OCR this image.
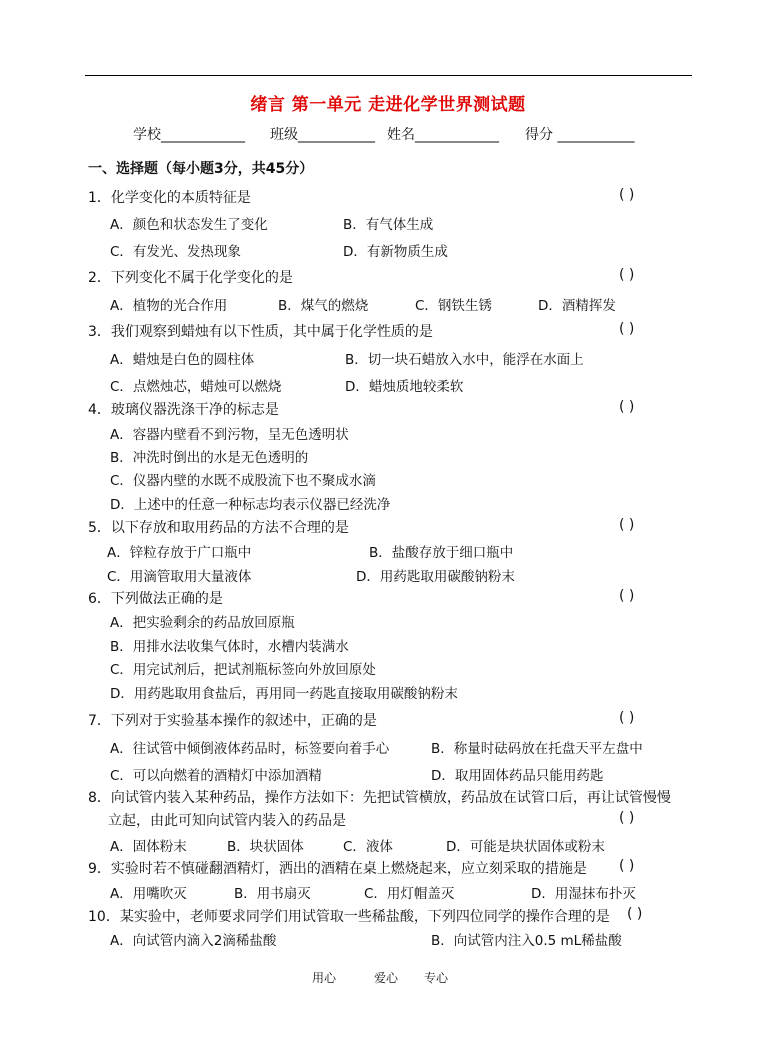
绪言 第一单元 走进化学世界测试题
学校____________ 班级___________ 姓名____________ 得分 ___________
一、选择题（每小题3分，共45分）
1．化学变化的本质特征是	( )
A．颜色和状态发生了变化	B．有气体生成
C．有发光、发热现象	D．有新物质生成
2．下列变化不属于化学变化的是	( )
A．植物的光合作用	B．煤气的燃烧	C．钢铁生锈	D．酒精挥发
3．我们观察到蜡烛有以下性质，其中属于化学性质的是	( )
A．蜡烛是白色的圆柱体	B．切一块石蜡放入水中，能浮在水面上
C．点燃烛芯，蜡烛可以燃烧	D．蜡烛质地较柔软
4．玻璃仪器洗涤干净的标志是	( )
A．容器内壁看不到污物，呈无色透明状
B．冲洗时倒出的水是无色透明的
C．仪器内壁的水既不成股流下也不聚成水滴
D．上述中的任意一种标志均表示仪器已经洗净
5．以下存放和取用药品的方法不合理的是	( )
A．锌粒存放于广口瓶中	B．盐酸存放于细口瓶中
C．用滴管取用大量液体	D．用药匙取用碳酸钠粉末
6．下列做法正确的是	( )
A．把实验剩余的药品放回原瓶
B．用排水法收集气体时，水槽内装满水
C．用完试剂后，把试剂瓶标签向外放回原处
D．用药匙取用食盐后，再用同一药匙直接取用碳酸钠粉末
7．下列对于实验基本操作的叙述中，正确的是	( )
A．往试管中倾倒液体药品时，标签要向着手心	B．称量时砝码放在托盘天平左盘中
C．可以向燃着的酒精灯中添加酒精	D．取用固体药品只能用药匙
8．向试管内装入某种药品，操作方法如下：先把试管横放，药品放在试管口后，再让试管慢慢
立起，由此可知向试管内装入的药品是	( )
A．固体粉末	B．块状固体	C．液体	D．可能是块状固体或粉末
9．实验时若不慎碰翻酒精灯，洒出的酒精在桌上燃烧起来，应立刻采取的措施是 ( )
A．用嘴吹灭	B．用书扇灭	C．用灯帽盖灭	D．用湿抹布扑灭
10．某实验中，老师要求同学们用试管取一些稀盐酸，下列四位同学的操作合理的是 ( )
A．向试管内滴入2滴稀盐酸	B．向试管内注入0.5 mL稀盐酸
用心	爱心 专心
